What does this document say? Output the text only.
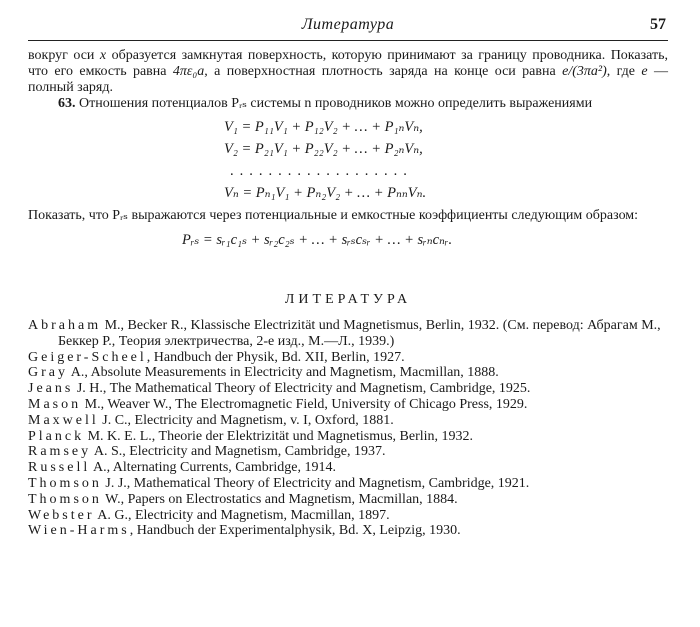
Литература	57

вокруг оси x образуется замкнутая поверхность, которую принимают за границу проводника. Показать, что его емкость равна 4πε₀a, а поверхностная плотность заряда на конце оси равна e/(3πa²), где e — полный заряд.

63. Отношения потенциалов Pᵣₛ системы n проводников можно определить выражениями

V₁ = P₁₁V₁ + P₁₂V₂ + … + P₁ₙVₙ,
V₂ = P₂₁V₁ + P₂₂V₂ + … + P₂ₙVₙ,
...................
Vₙ = Pₙ₁V₁ + Pₙ₂V₂ + … + PₙₙVₙ.

Показать, что Pᵣₛ выражаются через потенциальные и емкостные коэффициенты следующим образом:

Pᵣₛ = sᵣ₁c₁ₛ + sᵣ₂c₂ₛ + … + sᵣₛcₛᵣ + … + sᵣₙcₙᵣ.
ЛИТЕРАТУРА

Abraham M., Becker R., Klassische Electrizität und Magnetismus, Berlin, 1932. (См. перевод: Абрагам М., Беккер Р., Теория электричества, 2-е изд., М.—Л., 1939.)

Geiger-Scheel, Handbuch der Physik, Bd. XII, Berlin, 1927.

Gray A., Absolute Measurements in Electricity and Magnetism, Macmillan, 1888.

Jeans J. H., The Mathematical Theory of Electricity and Magnetism, Cambridge, 1925.

Mason M., Weaver W., The Electromagnetic Field, University of Chicago Press, 1929.

Maxwell J. C., Electricity and Magnetism, v. I, Oxford, 1881.

Planck M. K. E. L., Theorie der Elektrizität und Magnetismus, Berlin, 1932.

Ramsey A. S., Electricity and Magnetism, Cambridge, 1937.

Russell A., Alternating Currents, Cambridge, 1914.

Thomson J. J., Mathematical Theory of Electricity and Magnetism, Cambridge, 1921.

Thomson W., Papers on Electrostatics and Magnetism, Macmillan, 1884.

Webster A. G., Electricity and Magnetism, Macmillan, 1897.

Wien-Harms, Handbuch der Experimentalphysik, Bd. X, Leipzig, 1930.
